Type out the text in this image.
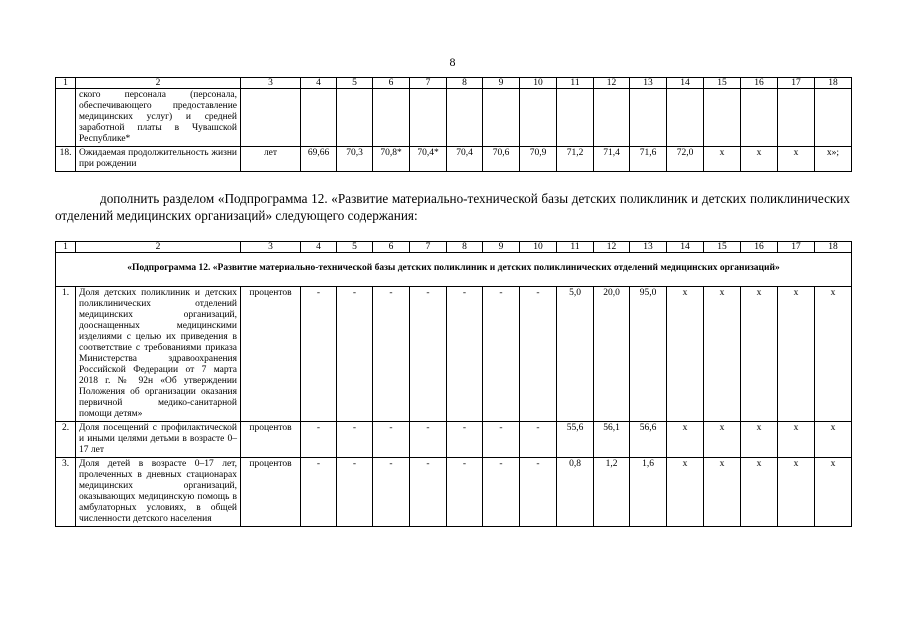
8
1	2	3	4	5	6	7	8	9	10	11	12	13	14	15	16	17	18
	ского персонала (персонала, обеспечивающего предоставление медицинских услуг) и средней заработной платы в Чувашской Республике*																
18.	Ожидаемая продолжительность жизни при рождении	лет	69,66	70,3	70,8*	70,4*	70,4	70,6	70,9	71,2	71,4	71,6	72,0	х	х	х	х»;
дополнить разделом «Подпрограмма 12. «Развитие материально-технической базы детских поликлиник и детских поликлинических отделений медицинских организаций» следующего содержания:
1	2	3	4	5	6	7	8	9	10	11	12	13	14	15	16	17	18
«Подпрограмма 12. «Развитие материально-технической базы детских поликлиник и детских поликлинических отделений медицинских организаций»																	
1.	Доля детских поликлиник и детских поликлинических отделений медицинских организаций, дооснащенных медицинскими изделиями с целью их приведения в соответствие с требованиями приказа Министерства здравоохранения Российской Федерации от 7 марта 2018 г. № 92н «Об утверждении Положения об организации оказания первичной медико-санитарной помощи детям»	процентов	-	-	-	-	-	-	-	5,0	20,0	95,0	х	х	х	х	х
2.	Доля посещений с профилактической и иными целями детьми в возрасте 0–17 лет	процентов	-	-	-	-	-	-	-	55,6	56,1	56,6	х	х	х	х	х
3.	Доля детей в возрасте 0–17 лет, пролеченных в дневных стационарах медицинских организаций, оказывающих медицинскую помощь в амбулаторных условиях, в общей численности детского населения	процентов	-	-	-	-	-	-	-	0,8	1,2	1,6	х	х	х	х	х
